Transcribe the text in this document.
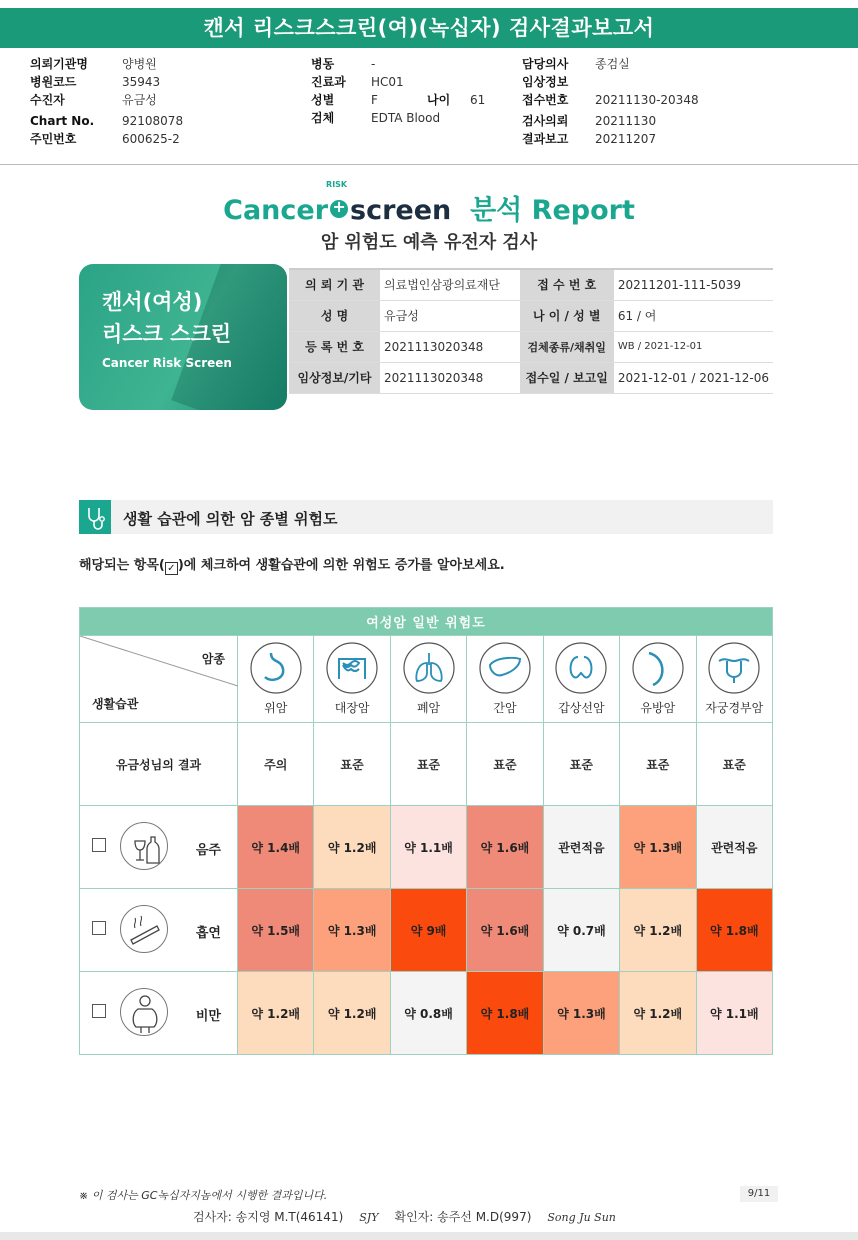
캔서 리스크스크린(여)(녹십자) 검사결과보고서
의뢰기관명	양병원
병원코드	35943
수진자	유금성
Chart No. 92108078
주민번호	600625-2
병동	-
진료과 HC01
성별	F	나이 61
검체	EDTA Blood
담당의사 종검실
임상정보
접수번호 20211130-20348
검사의뢰 20211130
결과보고 20211207
Cancer+
RISK
screen 분석 Report
암 위험도 예측 유전자 검사
캔서(여성)
리스크 스크린
Cancer Risk Screen
의 뢰 기 관	의료법인삼광의료재단	접 수 번 호	20211201-111-5039
성 명	유금성	나 이 / 성 별	61 / 여
등 록 번 호	2021113020348	검체종류/채취일	WB / 2021-12-01
임상정보/기타	2021113020348	접수일 / 보고일	2021-12-01 / 2021-12-06
생활 습관에 의한 암 종별 위험도
해당되는 항목( ✓ )에 체크하여 생활습관에 의한 위험도 증가를 알아보세요.
여성암 일반 위험도							

암종
생활습관	위암	대장암	폐암	간암	갑상선암	유방암	자궁경부암
유금성님의 결과	주의	표준	표준	표준	표준	표준	표준

음주	약 1.4배	약 1.2배	약 1.1배	약 1.6배	관련적음	약 1.3배	관련적음

흡연	약 1.5배	약 1.3배	약 9배	약 1.6배	약 0.7배	약 1.2배	약 1.8배

비만	약 1.2배	약 1.2배	약 0.8배	약 1.8배	약 1.3배	약 1.2배	약 1.1배
※ 이 검사는 GC녹십자지놈에서 시행한 결과입니다.	9/11
검사자: 송지영 M.T(46141) SJY 확인자: 송주선 M.D(997) Song Ju Sun
